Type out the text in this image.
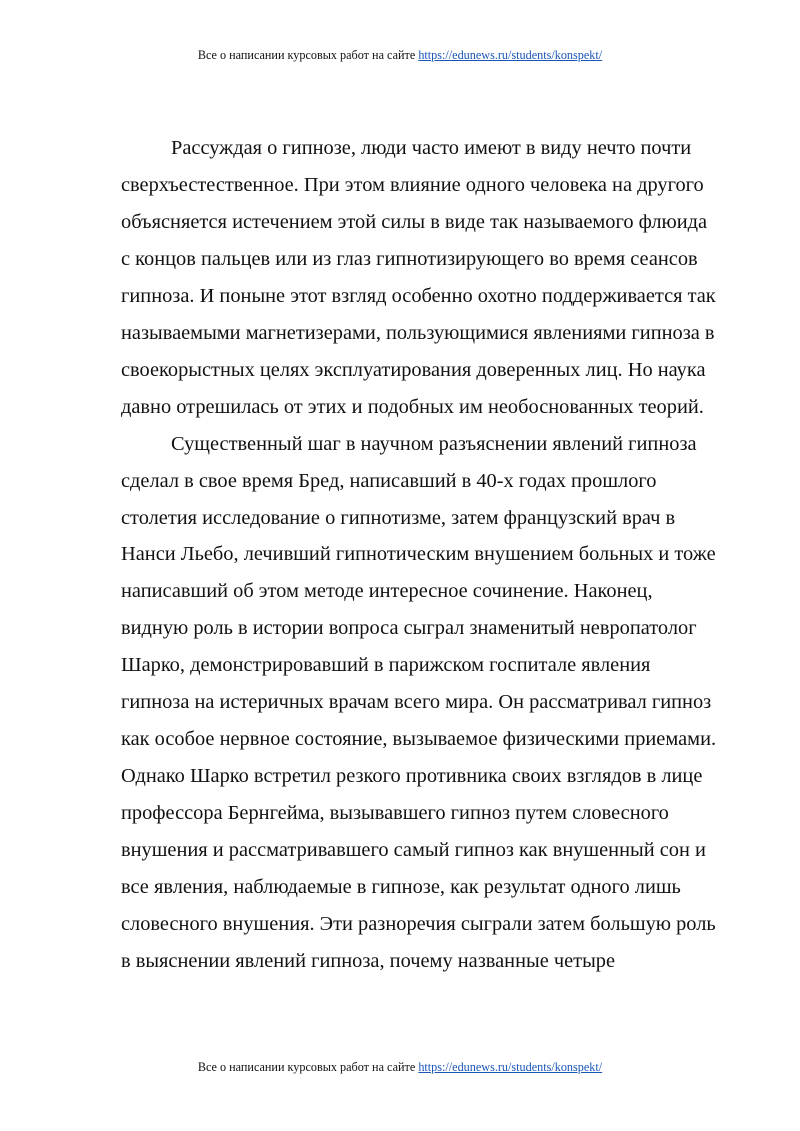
Все о написании курсовых работ на сайте https://edunews.ru/students/konspekt/

Рассуждая о гипнозе, люди часто имеют в виду нечто почти
сверхъестественное. При этом влияние одного человека на другого
объясняется истечением этой силы в виде так называемого флюида
с концов пальцев или из глаз гипнотизирующего во время сеансов
гипноза. И поныне этот взгляд особенно охотно поддерживается так
называемыми магнетизерами, пользующимися явлениями гипноза в
своекорыстных целях эксплуатирования доверенных лиц. Но наука
давно отрешилась от этих и подобных им необоснованных теорий.

Существенный шаг в научном разъяснении явлений гипноза
сделал в свое время Бред, написавший в 40-х годах прошлого
столетия исследование о гипнотизме, затем французский врач в
Нанси Льебо, лечивший гипнотическим внушением больных и тоже
написавший об этом методе интересное сочинение. Наконец,
видную роль в истории вопроса сыграл знаменитый невропатолог
Шарко, демонстрировавший в парижском госпитале явления
гипноза на истеричных врачам всего мира. Он рассматривал гипноз
как особое нервное состояние, вызываемое физическими приемами.
Однако Шарко встретил резкого противника своих взглядов в лице
профессора Бернгейма, вызывавшего гипноз путем словесного
внушения и рассматривавшего самый гипноз как внушенный сон и
все явления, наблюдаемые в гипнозе, как результат одного лишь
словесного внушения. Эти разноречия сыграли затем большую роль
в выяснении явлений гипноза, почему названные четыре

Все о написании курсовых работ на сайте https://edunews.ru/students/konspekt/
